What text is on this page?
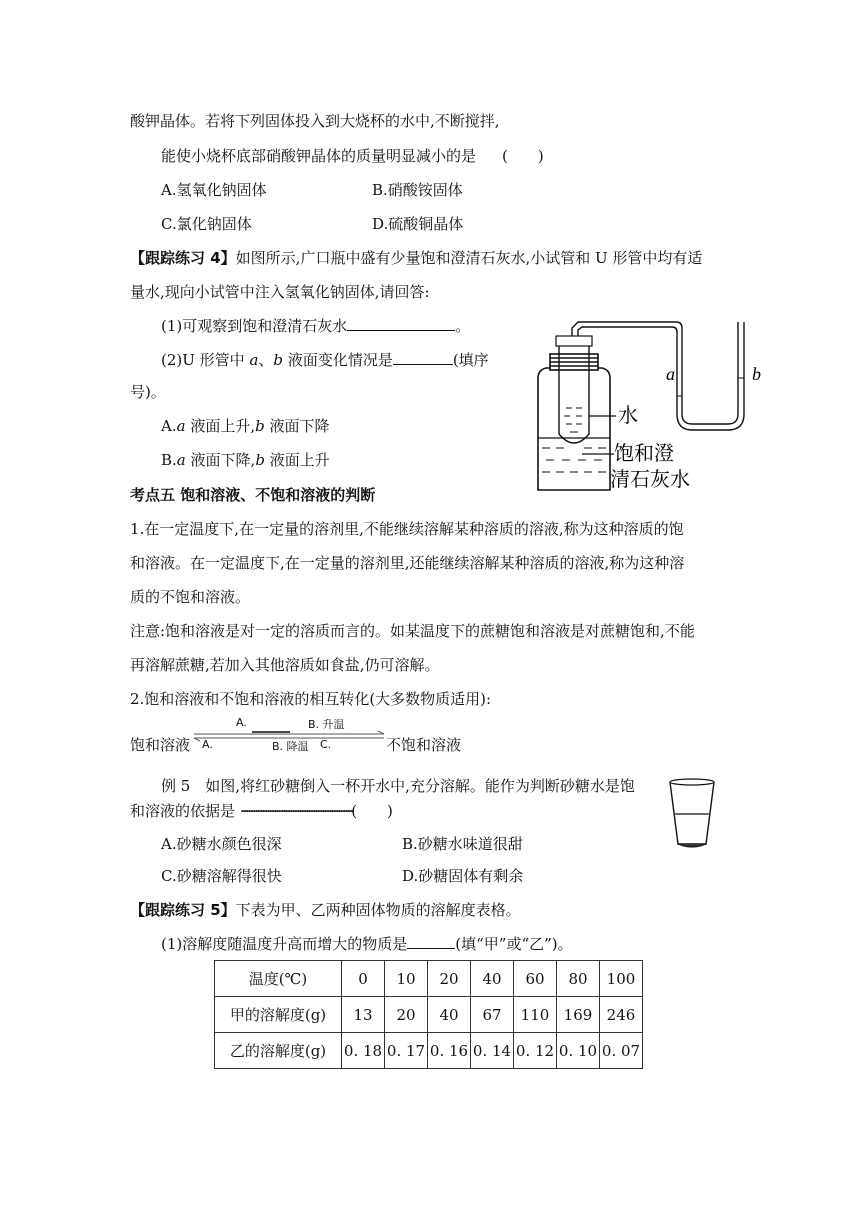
酸钾晶体。若将下列固体投入到大烧杯的水中,不断搅拌,
能使小烧杯底部硝酸钾晶体的质量明显减小的是 (　　)
A.氢氧化钠固体	B.硝酸铵固体
C.氯化钠固体	D.硫酸铜晶体
【跟踪练习 4】如图所示,广口瓶中盛有少量饱和澄清石灰水,小试管和 U 形管中均有适
量水,现向小试管中注入氢氧化钠固体,请回答:
(1)可观察到饱和澄清石灰水	。
(2)U 形管中 a、b 液面变化情况是	(填序
号)。
A.a 液面上升,b 液面下降
B.a 液面下降,b 液面上升
a	b
水
饱和澄
清石灰水
考点五 饱和溶液、不饱和溶液的判断
1.在一定温度下,在一定量的溶剂里,不能继续溶解某种溶质的溶液,称为这种溶质的饱
和溶液。在一定温度下,在一定量的溶剂里,还能继续溶解某种溶质的溶液,称为这种溶
质的不饱和溶液。
注意:饱和溶液是对一定的溶质而言的。如某温度下的蔗糖饱和溶液是对蔗糖饱和,不能
再溶解蔗糖,若加入其他溶质如食盐,仍可溶解。
2.饱和溶液和不饱和溶液的相互转化(大多数物质适用):
饱和溶液	不饱和溶液
A.	B. 升温
A.	B. 降温 C.
例 5　如图,将红砂糖倒入一杯开水中,充分溶解。能作为判断砂糖水是饱
和溶液的依据是 ·······························································(　　)
A.砂糖水颜色很深	B.砂糖水味道很甜
C.砂糖溶解得很快	D.砂糖固体有剩余
【跟踪练习 5】下表为甲、乙两种固体物质的溶解度表格。
(1)溶解度随温度升高而增大的物质是	(填“甲”或“乙”)。
温度(℃)	0	10	20	40	60	80	100
甲的溶解度(g)	13	20	40	67	110	169	246
乙的溶解度(g)	0. 18	0. 17	0. 16	0. 14	0. 12	0. 10	0. 07
